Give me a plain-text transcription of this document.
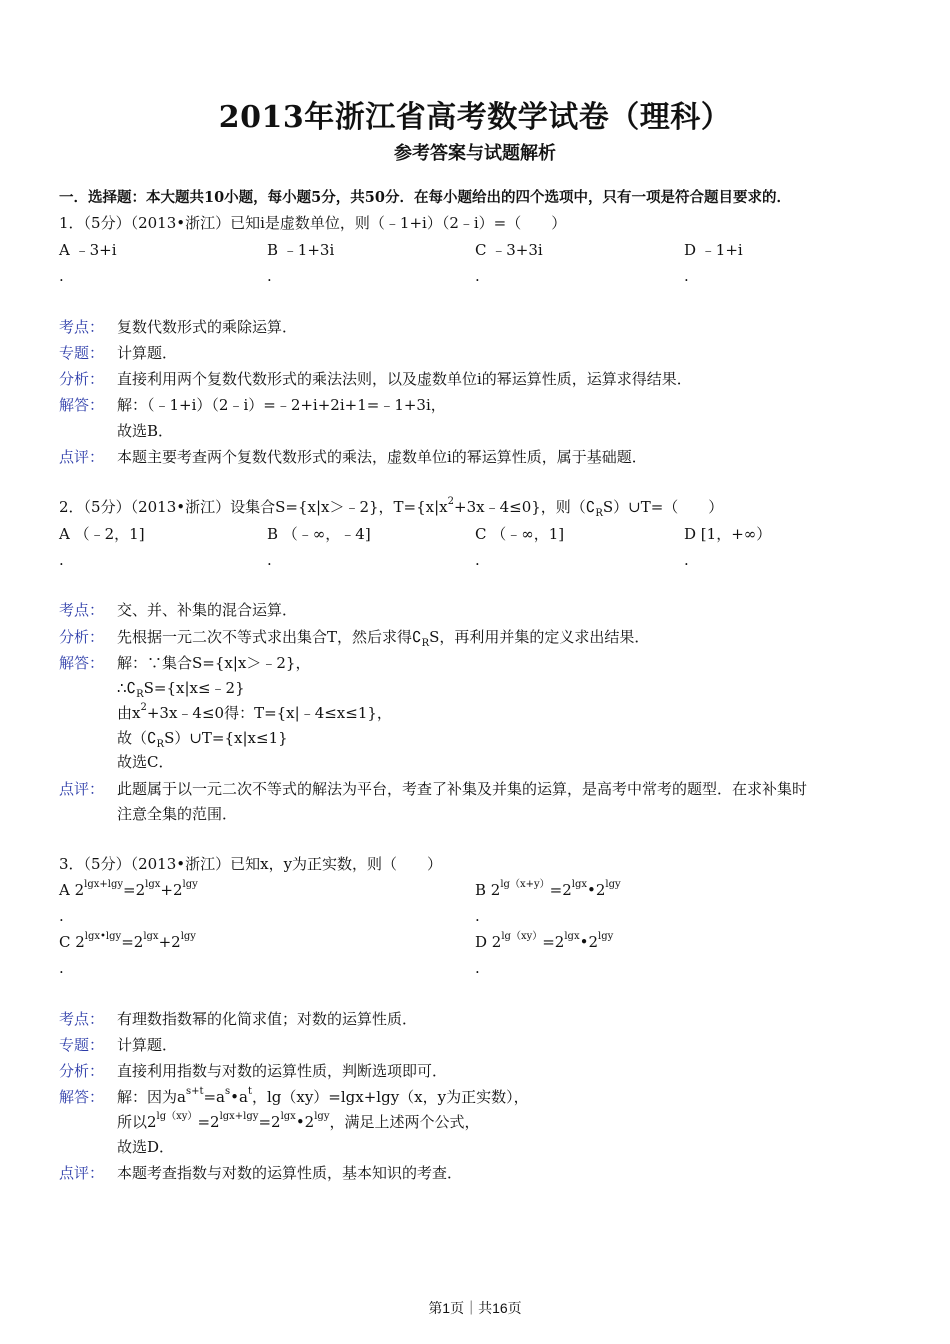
2013年浙江省高考数学试卷（理科）
参考答案与试题解析
一．选择题：本大题共10小题，每小题5分，共50分．在每小题给出的四个选项中，只有一项是符合题目要求的．
1．（5分）（2013•浙江）已知i是虚数单位，则（﹣1+i）（2﹣i）=（　　）
A ﹣3+i	B ﹣1+3i	C ﹣3+3i	D ﹣1+i
.	.	.	.
考点： 复数代数形式的乘除运算．
专题： 计算题．
分析： 直接利用两个复数代数形式的乘法法则，以及虚数单位i的幂运算性质，运算求得结果．
解答： 解：（﹣1+i）（2﹣i）=﹣2+i+2i+1=﹣1+3i，
故选B．
点评： 本题主要考查两个复数代数形式的乘法，虚数单位i的幂运算性质，属于基础题．
2．（5分）（2013•浙江）设集合S={x|x＞﹣2}，$T=\{x|x^2+3x﹣4\le 0\}$，则$(∁_RS)\cup T=$（　　）
A （﹣2，1]	B （﹣∞，﹣4]	C （﹣∞，1]	D [1，+∞）
.	.	.	.
考点： 交、并、补集的混合运算．
分析： 先根据一元二次不等式求出集合T，然后求得$∁_RS$，再利用并集的定义求出结果．
解答： 解：∵集合S={x|x＞﹣2}，
$\therefore∁_RS=\{x|x\le﹣2\}$
由$x^2+3x﹣4\le 0$得：T={x|﹣4≤x≤1}，
故$(∁_RS)\cup T=\{x|x\le 1\}$
故选C．
点评： 此题属于以一元二次不等式的解法为平台，考查了补集及并集的运算，是高考中常考的题型．在求补集时
注意全集的范围．
3．（5分）（2013•浙江）已知x，y为正实数，则（　　）
A $2^{lgx+lgy}=2^{lgx}+2^{lgy}$	B $2^{lg(x+y)}=2^{lgx}•2^{lgy}$
.	.
C $2^{lgx•lgy}=2^{lgx}+2^{lgy}$	D $2^{lg(xy)}=2^{lgx}•2^{lgy}$
.	.
考点： 有理数指数幂的化简求值；对数的运算性质．
专题： 计算题．
分析： 直接利用指数与对数的运算性质，判断选项即可．
解答： 解：因为$a^{s+t}=a^s•a^t$，lg（xy）=lgx+lgy（x，y为正实数），
所以$2^{lg(xy)}=2^{lgx+lgy}=2^{lgx}•2^{lgy}$，满足上述两个公式，
故选D．
点评： 本题考查指数与对数的运算性质，基本知识的考查．
第1页｜共16页
